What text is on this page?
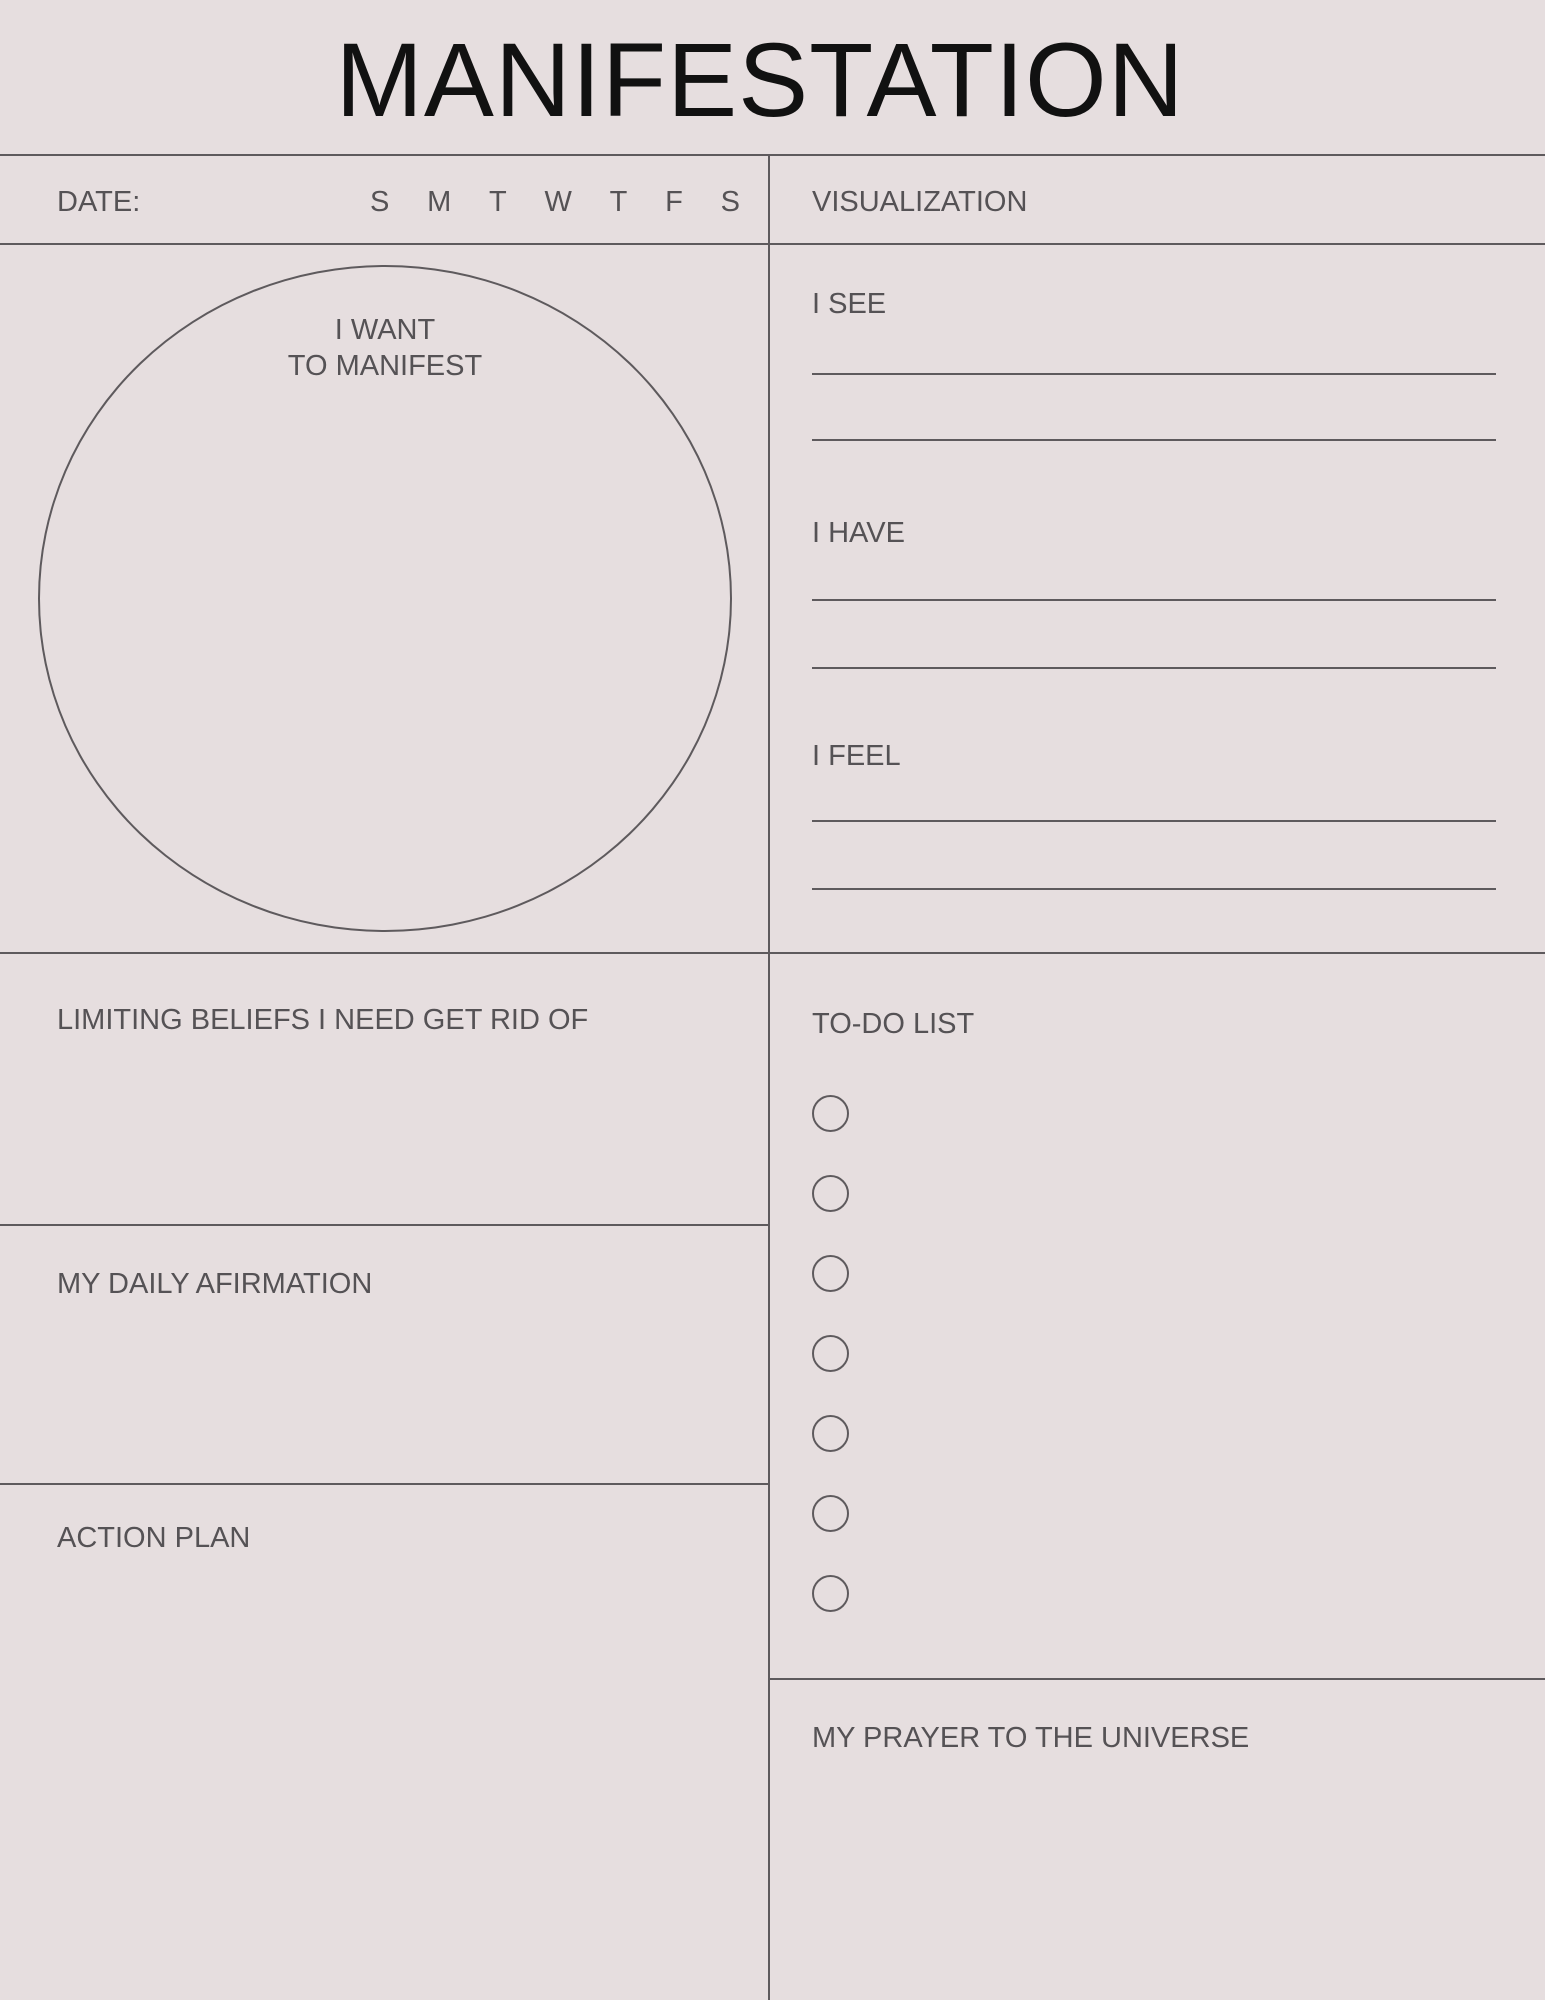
MANIFESTATION
DATE:	S M T W T F S VISUALIZATION
I WANT
TO MANIFEST
I SEE
I HAVE
I FEEL
LIMITING BELIEFS I NEED GET RID OF
MY DAILY AFIRMATION
ACTION PLAN
TO-DO LIST
MY PRAYER TO THE UNIVERSE
